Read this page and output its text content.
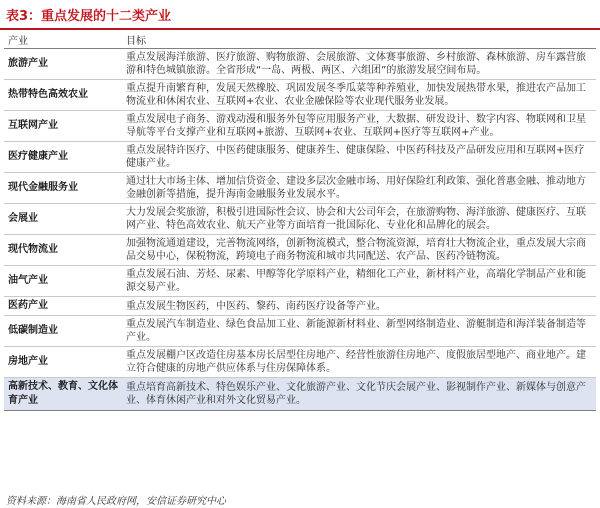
表3：重点发展的十二类产业
产业	目标
旅游产业	重点发展海洋旅游、医疗旅游、购物旅游、会展旅游、文体赛事旅游、乡村旅游、森林旅游、房车露营旅游和特色城镇旅游。全省形成“一岛、两极、两区、六组团”的旅游发展空间布局。
热带特色高效农业	重点提升南繁育种，发展天然橡胶、巩固发展冬季瓜菜等种养殖业，加快发展热带水果，推进农产品加工物流业和休闲农业、互联网+农业、农业金融保险等农业现代服务业发展。
互联网产业	重点发展电子商务、游戏动漫和服务外包等应用服务产业，大数据、研发设计、数字内容、物联网和卫星导航等平台支撑产业和互联网+旅游、互联网+农业、互联网+医疗等互联网+产业。
医疗健康产业	重点发展特许医疗、中医药健康服务、健康养生、健康保险、中医药科技及产品研发应用和互联网+医疗健康产业。
现代金融服务业	通过壮大市场主体、增加信贷资金、建设多层次金融市场、用好保险红利政策、强化普惠金融、推动地方金融创新等措施，提升海南金融服务业发展水平。
会展业	大力发展会奖旅游，积极引进国际性会议、协会和大公司年会，在旅游购物、海洋旅游、健康医疗、互联网产业、特色高效农业、航天产业等方面培育一批国际化、专业化和品牌化的展会。
现代物流业	加强物流通道建设，完善物流网络，创新物流模式，整合物流资源，培育壮大物流企业，重点发展大宗商品交易中心，保税物流，跨境电子商务物流和城市共同配送、农产品、医药冷链物流。
油气产业	重点发展石油、芳烃、尿素、甲醇等化学原料产业，精细化工产业，新材料产业，高端化学制品产业和能源交易产业。
医药产业	重点发展生物医药，中医药、黎药、南药医疗设备等产业。
低碳制造业	重点发展汽车制造业、绿色食品加工业、新能源新材料业、新型网络制造业、游艇制造和海洋装备制造等产业。
房地产业	重点发展棚户区改造住房基本房长居型住房地产、经营性旅游住房地产、度假旅居型地产、商业地产。建立符合健康的房地产供应体系与住房保障体系。
高新技术、教育、文化体育产业	重点培育高新技术、特色娱乐产业、文化旅游产业、文化节庆会展产业、影视制作产业、新媒体与创意产业、体育休闲产业和对外文化贸易产业。
资料来源：海南省人民政府网，安信证券研究中心
